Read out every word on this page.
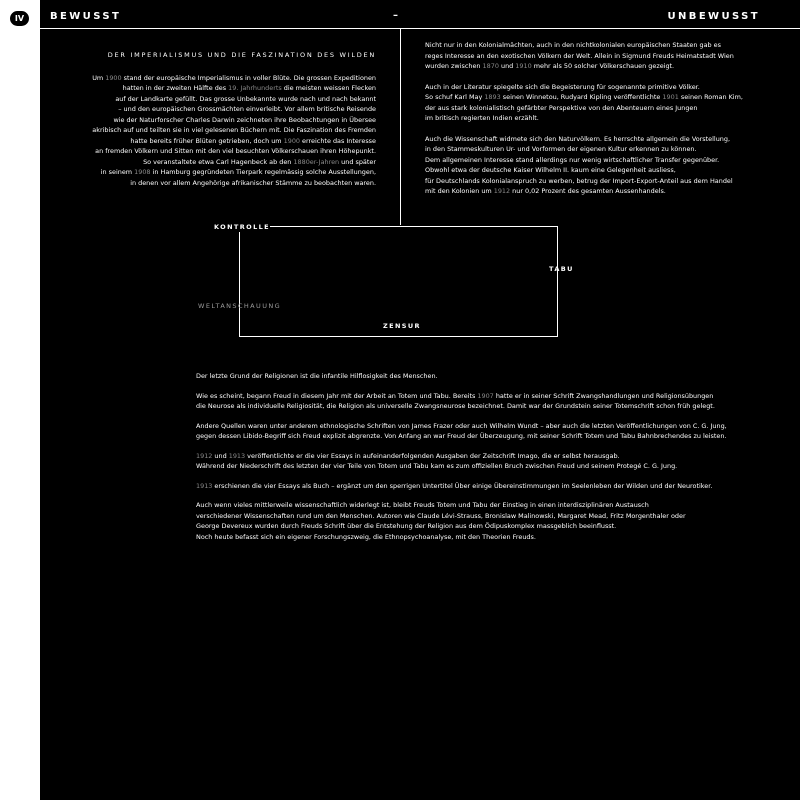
IV	BEWUSST	–	UNBEWUSST
DER IMPERIALISMUS UND DIE FASZINATION DES WILDEN
Um 1900 stand der europäische Imperialismus in voller Blüte. Die grossen Expeditionen
hatten in der zweiten Hälfte des 19. Jahrhunderts die meisten weissen Flecken
auf der Landkarte gefüllt. Das grosse Unbekannte wurde nach und nach bekannt
– und den europäischen Grossmächten einverleibt. Vor allem britische Reisende
wie der Naturforscher Charles Darwin zeichneten ihre Beobachtungen in Übersee
akribisch auf und teilten sie in viel gelesenen Büchern mit. Die Faszination des Fremden
hatte bereits früher Blüten getrieben, doch um 1900 erreichte das Interesse
an fremden Völkern und Sitten mit den viel besuchten Völkerschauen ihren Höhepunkt.
So veranstaltete etwa Carl Hagenbeck ab den 1880er-Jahren und später
in seinem 1908 in Hamburg gegründeten Tierpark regelmässig solche Ausstellungen,
in denen vor allem Angehörige afrikanischer Stämme zu beobachten waren.
Nicht nur in den Kolonialmächten, auch in den nichtkolonialen europäischen Staaten gab es
reges Interesse an den exotischen Völkern der Welt. Allein in Sigmund Freuds Heimatstadt Wien
wurden zwischen 1870 und 1910 mehr als 50 solcher Völkerschauen gezeigt.
Auch in der Literatur spiegelte sich die Begeisterung für sogenannte primitive Völker.
So schuf Karl May 1893 seinen Winnetou, Rudyard Kipling veröffentlichte 1901 seinen Roman Kim,
der aus stark kolonialistisch gefärbter Perspektive von den Abenteuern eines Jungen
im britisch regierten Indien erzählt.
Auch die Wissenschaft widmete sich den Naturvölkern. Es herrschte allgemein die Vorstellung,
in den Stammeskulturen Ur- und Vorformen der eigenen Kultur erkennen zu können.
Dem allgemeinen Interesse stand allerdings nur wenig wirtschaftlicher Transfer gegenüber.
Obwohl etwa der deutsche Kaiser Wilhelm II. kaum eine Gelegenheit ausliess,
für Deutschlands Kolonialanspruch zu werben, betrug der Import-Export-Anteil aus dem Handel
mit den Kolonien um 1912 nur 0,02 Prozent des gesamten Aussenhandels.
KONTROLLE
TABU
WELTANSCHAUUNG
ZENSUR
Der letzte Grund der Religionen ist die infantile Hilflosigkeit des Menschen.
Wie es scheint, begann Freud in diesem Jahr mit der Arbeit an Totem und Tabu. Bereits 1907 hatte er in seiner Schrift Zwangshandlungen und Religionsübungen
die Neurose als individuelle Religiosität, die Religion als universelle Zwangsneurose bezeichnet. Damit war der Grundstein seiner Totemschrift schon früh gelegt.
Andere Quellen waren unter anderem ethnologische Schriften von James Frazer oder auch Wilhelm Wundt – aber auch die letzten Veröffentlichungen von C. G. Jung,
gegen dessen Libido-Begriff sich Freud explizit abgrenzte. Von Anfang an war Freud der Überzeugung, mit seiner Schrift Totem und Tabu Bahnbrechendes zu leisten.
1912 und 1913 veröffentlichte er die vier Essays in aufeinanderfolgenden Ausgaben der Zeitschrift Imago, die er selbst herausgab.
Während der Niederschrift des letzten der vier Teile von Totem und Tabu kam es zum offiziellen Bruch zwischen Freud und seinem Protegé C. G. Jung.
1913 erschienen die vier Essays als Buch – ergänzt um den sperrigen Untertitel Über einige Übereinstimmungen im Seelenleben der Wilden und der Neurotiker.
Auch wenn vieles mittlerweile wissenschaftlich widerlegt ist, bleibt Freuds Totem und Tabu der Einstieg in einen interdisziplinären Austausch
verschiedener Wissenschaften rund um den Menschen. Autoren wie Claude Lévi-Strauss, Bronislaw Malinowski, Margaret Mead, Fritz Morgenthaler oder
George Devereux wurden durch Freuds Schrift über die Entstehung der Religion aus dem Ödipuskomplex massgeblich beeinflusst.
Noch heute befasst sich ein eigener Forschungszweig, die Ethnopsychoanalyse, mit den Theorien Freuds.
